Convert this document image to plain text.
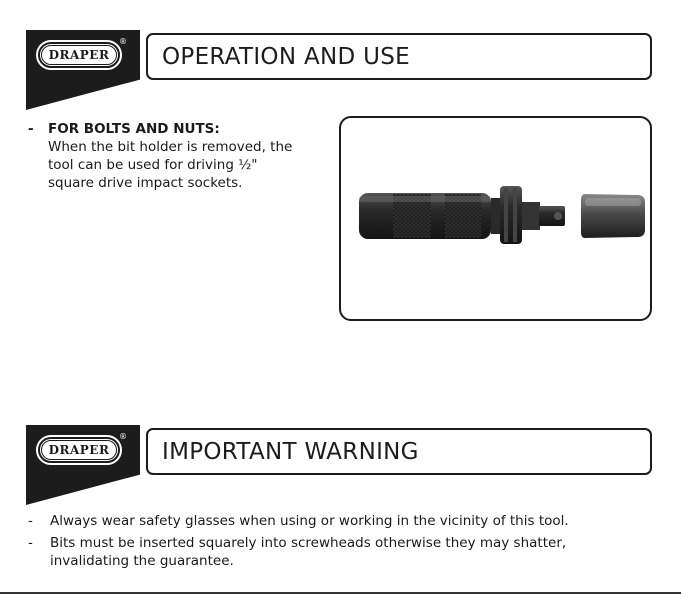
DRAPER
®
OPERATION AND USE
-	FOR BOLTS AND NUTS:
When the bit holder is removed, the
tool can be used for driving ½"
square drive impact sockets.
DRAPER
®
IMPORTANT WARNING
-	Always wear safety glasses when using or working in the vicinity of this tool.
-	Bits must be inserted squarely into screwheads otherwise they may shatter,
invalidating the guarantee.
